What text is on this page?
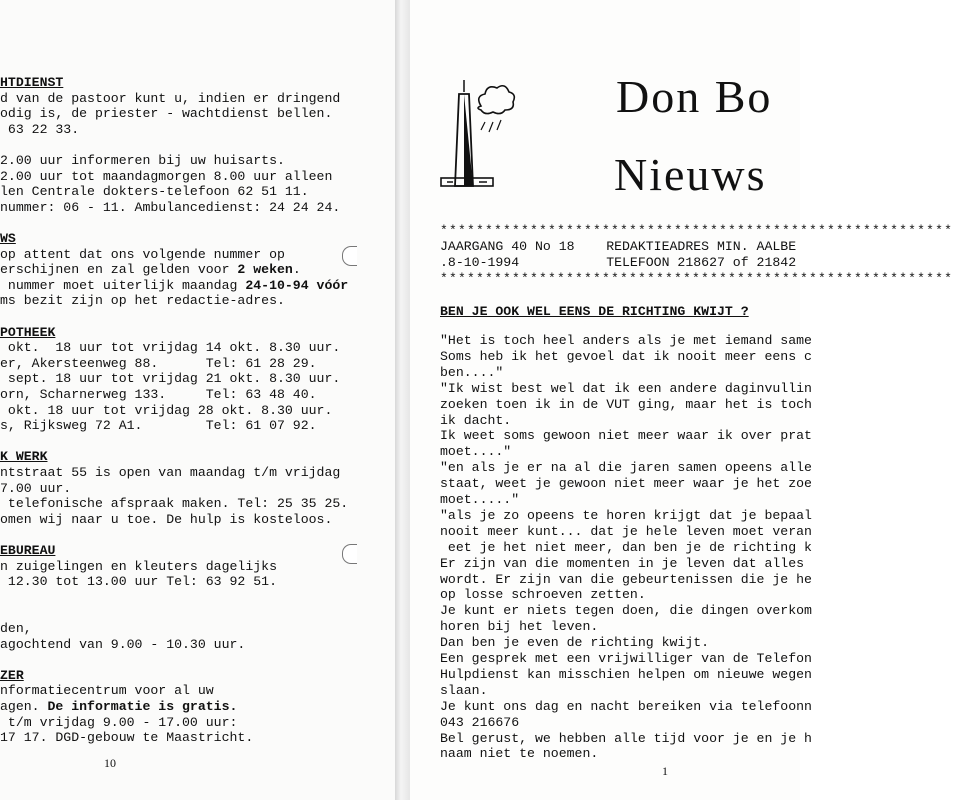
HTDIENST
d van de pastoor kunt u, indien er dringend
odig is, de priester - wachtdienst bellen.
63 22 33.
2.00 uur informeren bij uw huisarts.
2.00 uur tot maandagmorgen 8.00 uur alleen
len Centrale dokters-telefoon 62 51 11.
nummer: 06 - 11. Ambulancedienst: 24 24 24.
WS
op attent dat ons volgende nummer op
erschijnen en zal gelden voor 2 weken.
nummer moet uiterlijk maandag 24-10-94 vóór
ms bezit zijn op het redactie-adres.
POTHEEK
okt.  18 uur tot vrijdag 14 okt. 8.30 uur.
er, Akersteenweg 88.      Tel: 61 28 29.
sept. 18 uur tot vrijdag 21 okt. 8.30 uur.
orn, Scharnerweg 133.     Tel: 63 48 40.
okt. 18 uur tot vrijdag 28 okt. 8.30 uur.
s, Rijksweg 72 A1.        Tel: 61 07 92.
K WERK
ntstraat 55 is open van maandag t/m vrijdag
7.00 uur.
telefonische afspraak maken. Tel: 25 35 25.
omen wij naar u toe. De hulp is kosteloos.
EBUREAU
n zuigelingen en kleuters dagelijks
12.30 tot 13.00 uur Tel: 63 92 51.
den,
agochtend van 9.00 - 10.30 uur.
ZER
nformatiecentrum voor al uw
agen. De informatie is gratis.
t/m vrijdag 9.00 - 17.00 uur:
17 17. DGD-gebouw te Maastricht.
10
Don Bo
Nieuws
*********************************************************
JAARGANG 40 No 18    REDAKTIEADRES MIN. AALBE
.8-10-1994           TELEFOON 218627 of 21842
*********************************************************
BEN JE OOK WEL EENS DE RICHTING KWIJT ?
"Het is toch heel anders als je met iemand same
Soms heb ik het gevoel dat ik nooit meer eens c
ben...."
"Ik wist best wel dat ik een andere daginvullin
zoeken toen ik in de VUT ging, maar het is toch
ik dacht.
Ik weet soms gewoon niet meer waar ik over prat
moet...."
"en als je er na al die jaren samen opeens alle
staat, weet je gewoon niet meer waar je het zoe
moet....."
"als je zo opeens te horen krijgt dat je bepaal
nooit meer kunt... dat je hele leven moet veran
eet je het niet meer, dan ben je de richting k
Er zijn van die momenten in je leven dat alles
wordt. Er zijn van die gebeurtenissen die je he
op losse schroeven zetten.
Je kunt er niets tegen doen, die dingen overkom
horen bij het leven.
Dan ben je even de richting kwijt.
Een gesprek met een vrijwilliger van de Telefon
Hulpdienst kan misschien helpen om nieuwe wegen
slaan.
Je kunt ons dag en nacht bereiken via telefoonn
043 216676
Bel gerust, we hebben alle tijd voor je en je h
naam niet te noemen.
1
